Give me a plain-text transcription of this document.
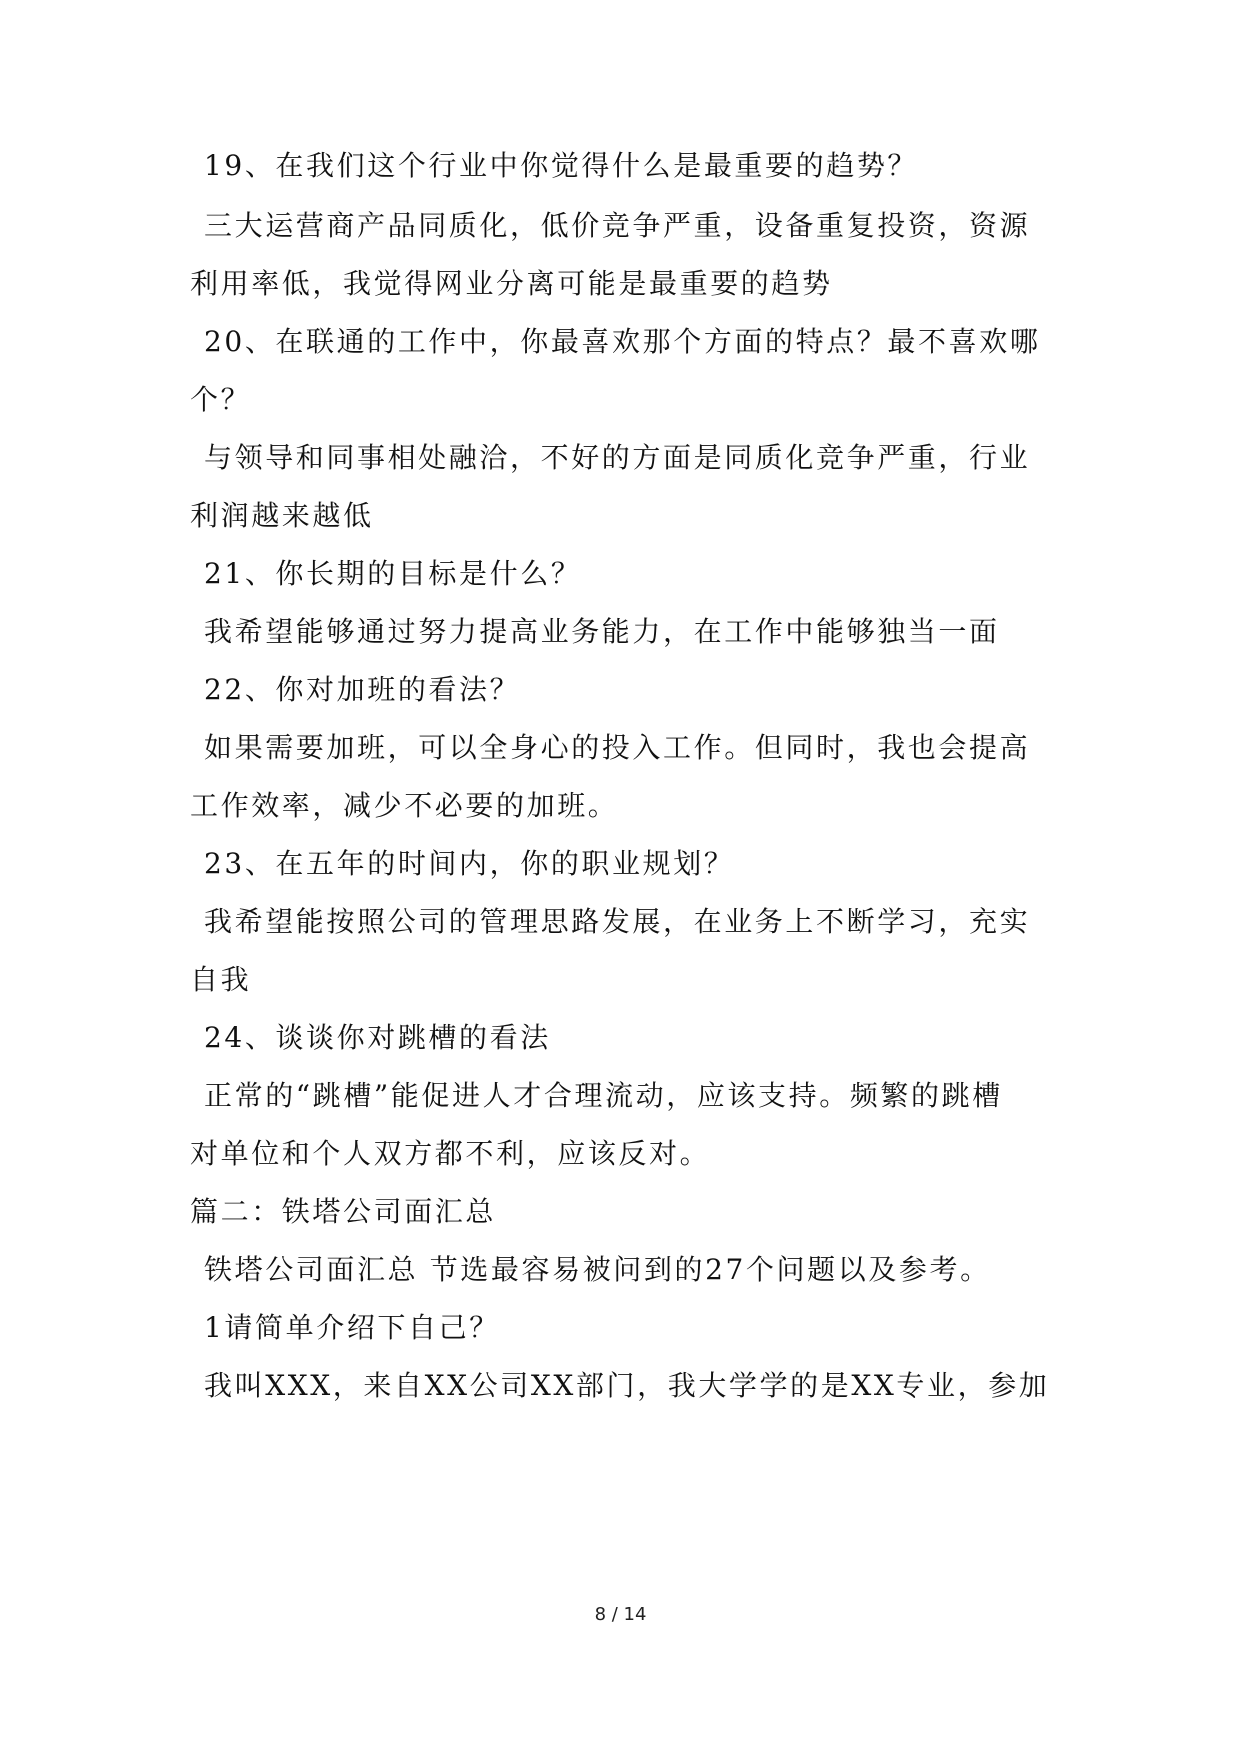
19、在我们这个行业中你觉得什么是最重要的趋势？
三大运营商产品同质化，低价竞争严重，设备重复投资，资源
利用率低，我觉得网业分离可能是最重要的趋势
20、在联通的工作中，你最喜欢那个方面的特点？最不喜欢哪
个？
与领导和同事相处融洽，不好的方面是同质化竞争严重，行业
利润越来越低
21、你长期的目标是什么？
我希望能够通过努力提高业务能力，在工作中能够独当一面
22、你对加班的看法？
如果需要加班，可以全身心的投入工作。但同时，我也会提高
工作效率，减少不必要的加班。
23、在五年的时间内，你的职业规划？
我希望能按照公司的管理思路发展，在业务上不断学习，充实
自我
24、谈谈你对跳槽的看法
正常的“跳槽”能促进人才合理流动，应该支持。频繁的跳槽
对单位和个人双方都不利，应该反对。
篇二：铁塔公司面汇总
铁塔公司面汇总 节选最容易被问到的27个问题以及参考。
1请简单介绍下自己？
我叫XXX，来自XX公司XX部门，我大学学的是XX专业，参加
8 / 14
